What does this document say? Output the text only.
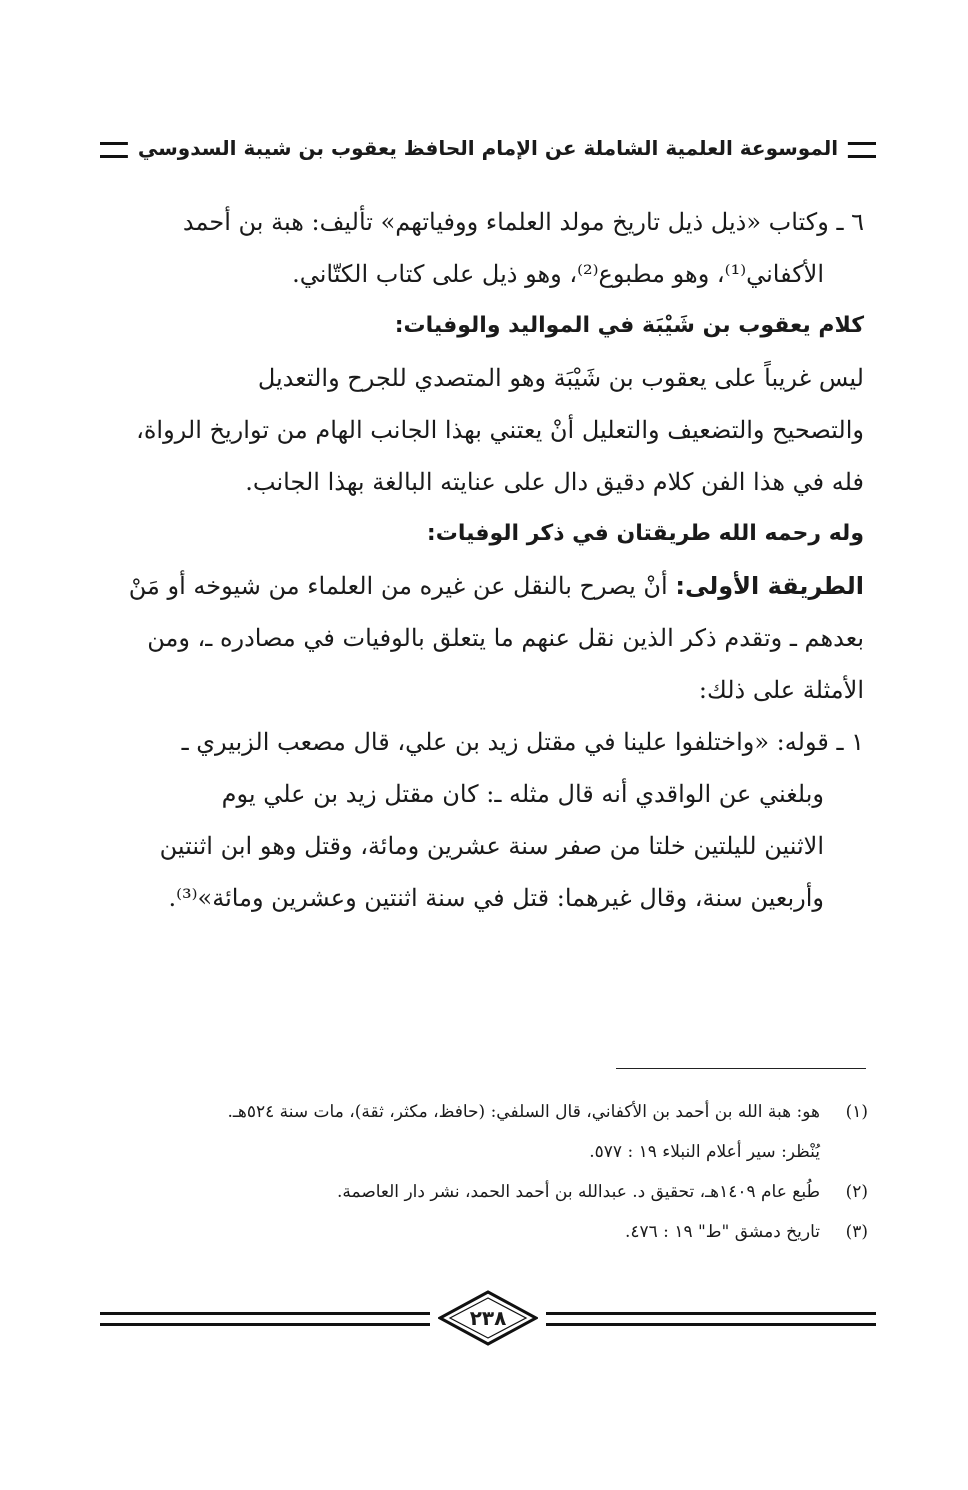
الموسوعة العلمية الشاملة عن الإمام الحافظ يعقوب بن شيبة السدوسي
٦ ـ وكتاب «ذيل ذيل تاريخ مولد العلماء ووفياتهم» تأليف: هبة بن أحمد
الأكفاني⁽¹⁾، وهو مطبوع⁽²⁾، وهو ذيل على كتاب الكتّاني.
كلام يعقوب بن شَيْبَة في المواليد والوفيات:
ليس غريباً على يعقوب بن شَيْبَة وهو المتصدي للجرح والتعديل
والتصحيح والتضعيف والتعليل أنْ يعتني بهذا الجانب الهام من تواريخ الرواة،
فله في هذا الفن كلام دقيق دال على عنايته البالغة بهذا الجانب.
وله رحمه الله طريقتان في ذكر الوفيات:
الطريقة الأولى: أنْ يصرح بالنقل عن غيره من العلماء من شيوخه أو مَنْ
بعدهم ـ وتقدم ذكر الذين نقل عنهم ما يتعلق بالوفيات في مصادره ـ، ومن
الأمثلة على ذلك:
١ ـ قوله: «واختلفوا علينا في مقتل زيد بن علي، قال مصعب الزبيري ـ
وبلغني عن الواقدي أنه قال مثله ـ: كان مقتل زيد بن علي يوم
الاثنين لليلتين خلتا من صفر سنة عشرين ومائة، وقتل وهو ابن اثنتين
وأربعين سنة، وقال غيرهما: قتل في سنة اثنتين وعشرين ومائة»⁽³⁾.
(١)
هو: هبة الله بن أحمد بن الأكفاني، قال السلفي: (حافظ، مكثر، ثقة)، مات سنة ٥٢٤هـ.
يُنْظر: سير أعلام النبلاء ١٩ : ٥٧٧.
(٢)
طُبع عام ١٤٠٩هـ، تحقيق د. عبدالله بن أحمد الحمد، نشر دار العاصمة.
(٣)
تاريخ دمشق "ط" ١٩ : ٤٧٦.
٢٣٨
